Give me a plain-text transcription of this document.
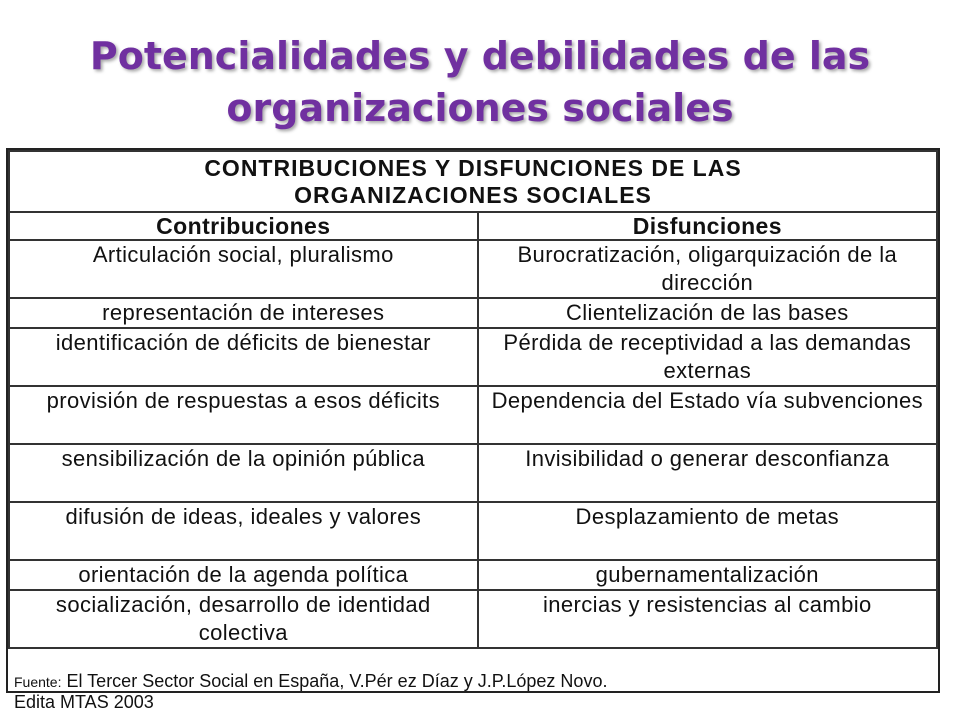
Potencialidades y debilidades de las
organizaciones sociales
CONTRIBUCIONES Y DISFUNCIONES DE LAS
ORGANIZACIONES SOCIALES	
Contribuciones	Disfunciones
Articulación social, pluralismo	Burocratización, oligarquización de la dirección
representación de intereses	Clientelización de las bases
identificación de déficits de bienestar	Pérdida de receptividad a las demandas externas
provisión de respuestas a esos déficits	Dependencia del Estado vía subvenciones
sensibilización de la opinión pública	Invisibilidad o generar desconfianza
difusión de ideas, ideales y valores	Desplazamiento de metas
orientación de la agenda política	gubernamentalización
socialización, desarrollo de identidad colectiva	inercias y resistencias al cambio
Fuente: El Tercer Sector Social en España, V.Pér ez Díaz y J.P.López Novo.
Edita MTAS 2003
